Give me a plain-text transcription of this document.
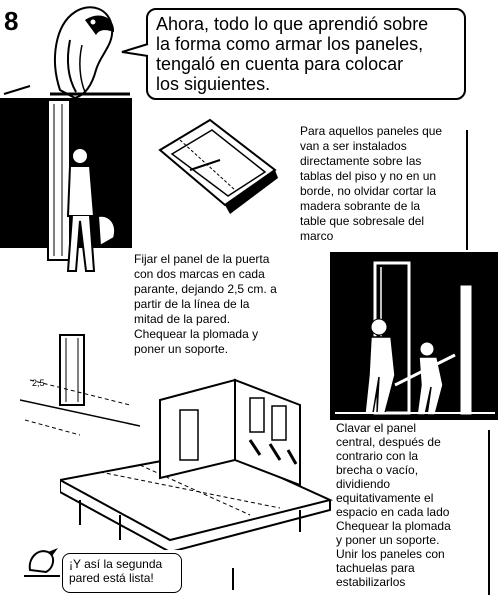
8	Ahora, todo lo que aprendió sobre
la forma como armar los paneles,
tengaló en cuenta para colocar
los siguientes.
Para aquellos paneles que
van a ser instalados
directamente sobre las
tablas del piso y no en un
borde, no olvidar cortar la
madera sobrante de la
table que sobresale del
marco
Fijar el panel de la puerta
con dos marcas en cada
parante, dejando 2,5 cm. a
partir de la línea de la
mitad de la pared.
Chequear la plomada y
poner un soporte.
2,5
Clavar el panel
central, después de
contrario con la
brecha o vacío,
dividiendo
equitativamente el
espacio en cada lado
Chequear la plomada
y poner un soporte.
Unir los paneles con
tachuelas para
estabilizarlos
¡Y así la segunda
pared está lista!
